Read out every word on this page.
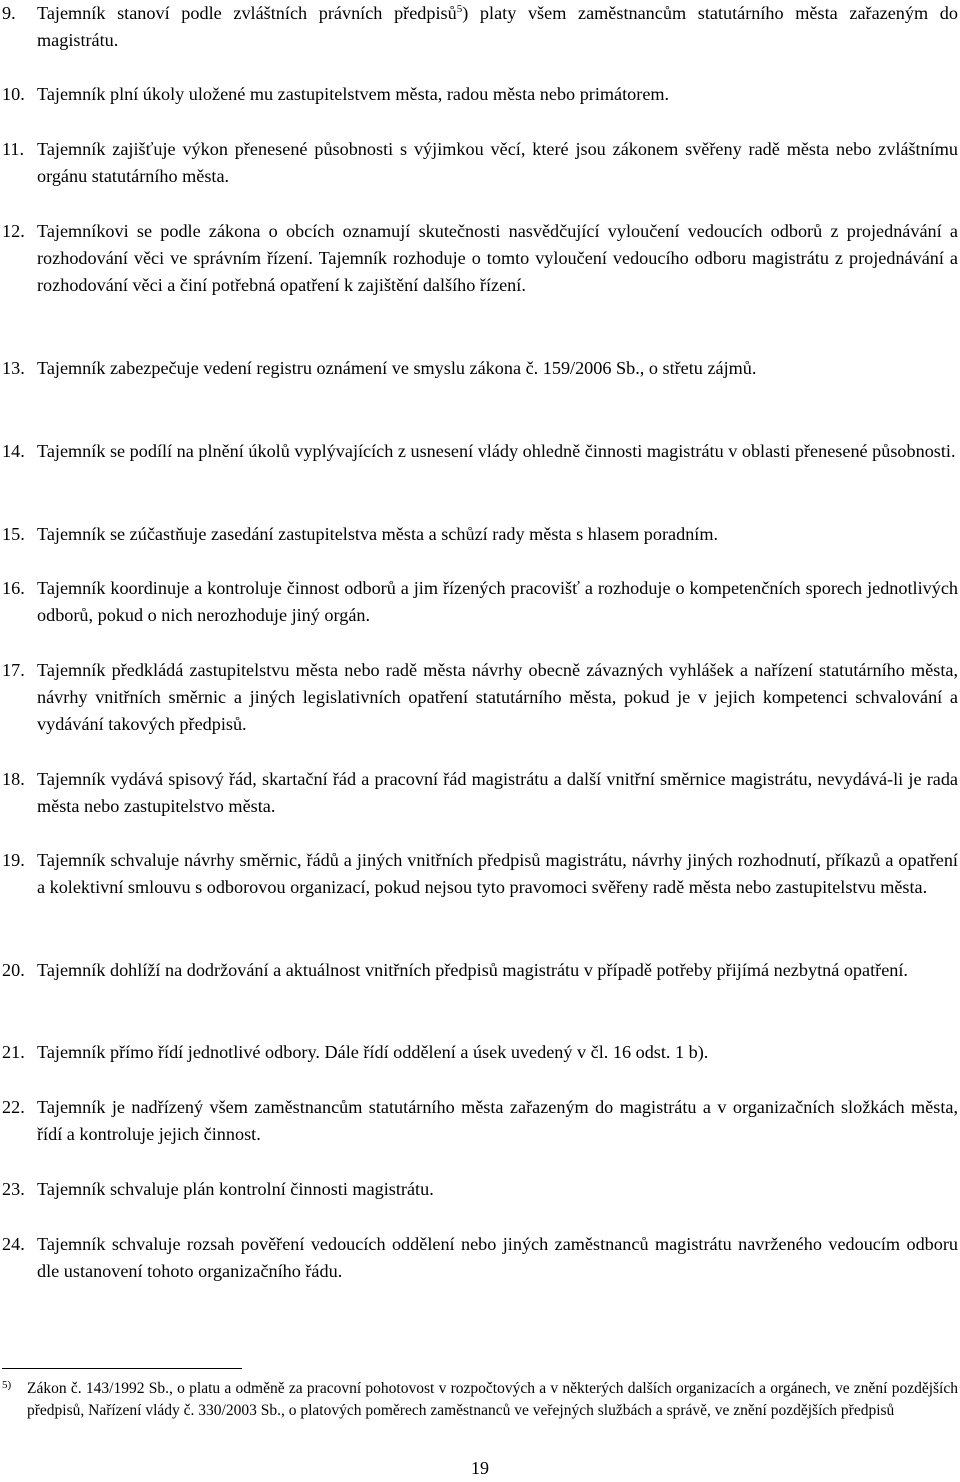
9. Tajemník stanoví podle zvláštních právních předpisů$^5$) platy všem zaměstnancům statutárního města zařazeným do magistrátu.

10. Tajemník plní úkoly uložené mu zastupitelstvem města, radou města nebo primátorem.

11. Tajemník zajišťuje výkon přenesené působnosti s výjimkou věcí, které jsou zákonem svěřeny radě města nebo zvláštnímu orgánu statutárního města.

12. Tajemníkovi se podle zákona o obcích oznamují skutečnosti nasvědčující vyloučení vedoucích odborů z projednávání a rozhodování věci ve správním řízení. Tajemník rozhoduje o tomto vyloučení vedoucího odboru magistrátu z projednávání a rozhodování věci a činí potřebná opatření k zajištění dalšího řízení.

13. Tajemník zabezpečuje vedení registru oznámení ve smyslu zákona č. 159/2006 Sb., o střetu zájmů.

14. Tajemník se podílí na plnění úkolů vyplývajících z usnesení vlády ohledně činnosti magistrátu v oblasti přenesené působnosti.

15. Tajemník se zúčastňuje zasedání zastupitelstva města a schůzí rady města s hlasem poradním.

16. Tajemník koordinuje a kontroluje činnost odborů a jim řízených pracovišť a rozhoduje o kompetenčních sporech jednotlivých odborů, pokud o nich nerozhoduje jiný orgán.

17. Tajemník předkládá zastupitelstvu města nebo radě města návrhy obecně závazných vyhlášek a nařízení statutárního města, návrhy vnitřních směrnic a jiných legislativních opatření statutárního města, pokud je v jejich kompetenci schvalování a vydávání takových předpisů.

18. Tajemník vydává spisový řád, skartační řád a pracovní řád magistrátu a další vnitřní směrnice magistrátu, nevydává-li je rada města nebo zastupitelstvo města.

19. Tajemník schvaluje návrhy směrnic, řádů a jiných vnitřních předpisů magistrátu, návrhy jiných rozhodnutí, příkazů a opatření a kolektivní smlouvu s odborovou organizací, pokud nejsou tyto pravomoci svěřeny radě města nebo zastupitelstvu města.

20. Tajemník dohlíží na dodržování a aktuálnost vnitřních předpisů magistrátu v případě potřeby přijímá nezbytná opatření.

21. Tajemník přímo řídí jednotlivé odbory. Dále řídí oddělení a úsek uvedený v čl. 16 odst. 1 b).

22. Tajemník je nadřízený všem zaměstnancům statutárního města zařazeným do magistrátu a v organizačních složkách města, řídí a kontroluje jejich činnost.

23. Tajemník schvaluje plán kontrolní činnosti magistrátu.

24. Tajemník schvaluje rozsah pověření vedoucích oddělení nebo jiných zaměstnanců magistrátu navrženého vedoucím odboru dle ustanovení tohoto organizačního řádu.

5) Zákon č. 143/1992 Sb., o platu a odměně za pracovní pohotovost v rozpočtových a v některých dalších organizacích a orgánech, ve znění pozdějších předpisů, Nařízení vlády č. 330/2003 Sb., o platových poměrech zaměstnanců ve veřejných službách a správě, ve znění pozdějších předpisů
19
